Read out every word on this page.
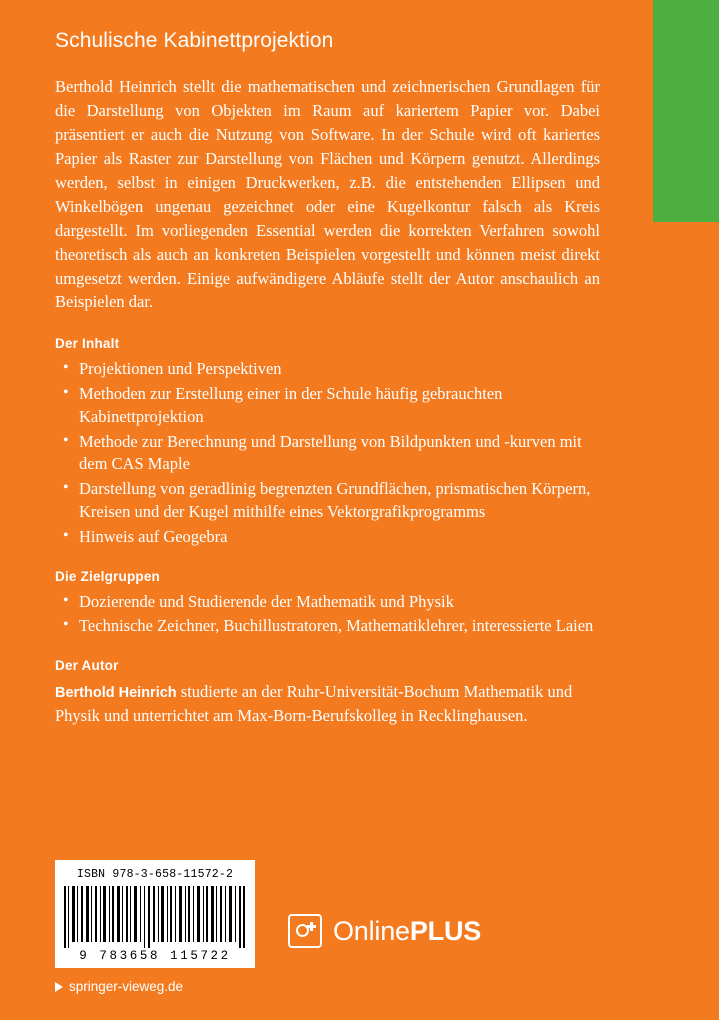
Schulische Kabinettprojektion

Berthold Heinrich stellt die mathematischen und zeichnerischen Grundlagen für die Darstellung von Objekten im Raum auf kariertem Papier vor. Dabei präsentiert er auch die Nutzung von Software. In der Schule wird oft kariertes Papier als Raster zur Darstellung von Flächen und Körpern genutzt. Allerdings werden, selbst in einigen Druckwerken, z.B. die entstehenden Ellipsen und Winkelbögen ungenau gezeichnet oder eine Kugelkontur falsch als Kreis dargestellt. Im vorliegenden Essential werden die korrekten Verfahren sowohl theoretisch als auch an konkreten Beispielen vorgestellt und können meist direkt umgesetzt werden. Einige aufwändigere Abläufe stellt der Autor anschaulich an Beispielen dar.

Der Inhalt
• Projektionen und Perspektiven
• Methoden zur Erstellung einer in der Schule häufig gebrauchten Kabinettprojektion
• Methode zur Berechnung und Darstellung von Bildpunkten und -kurven mit dem CAS Maple
• Darstellung von geradlinig begrenzten Grundflächen, prismatischen Körpern, Kreisen und der Kugel mithilfe eines Vektorgrafikprogramms
• Hinweis auf Geogebra
Die Zielgruppen
• Dozierende und Studierende der Mathematik und Physik
• Technische Zeichner, Buchillustratoren, Mathematiklehrer, interessierte Laien
Der Autor

Berthold Heinrich studierte an der Ruhr-Universität-Bochum Mathematik und Physik und unterrichtet am Max-Born-Berufskolleg in Recklinghausen.

ISBN 978-3-658-11572-2
9 783658 115722
springer-vieweg.de
OnlinePLUS
